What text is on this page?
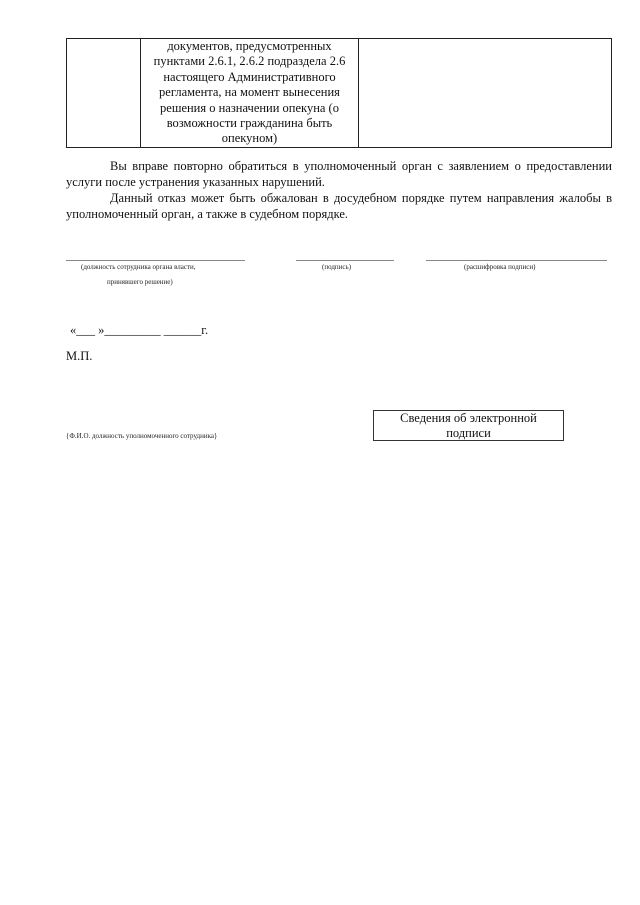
документов, предусмотренных
пунктами 2.6.1, 2.6.2 подраздела 2.6
настоящего Административного
регламента, на момент вынесения
решения о назначении опекуна (о
возможности гражданина быть
опекуном)

Вы вправе повторно обратиться в уполномоченный орган с заявлением о предоставлении
услуги после устранения указанных нарушений.
Данный отказ может быть обжалован в досудебном порядке путем направления жалобы в
уполномоченный орган, а также в судебном порядке.
(должность сотрудника органа власти,
принявшего решение)
(подпись)	(расшифровка подписи)
«___ »_________ ______г.
М.П.
{Ф.И.О. должность уполномоченного сотрудника}
Сведения об электронной
подписи
